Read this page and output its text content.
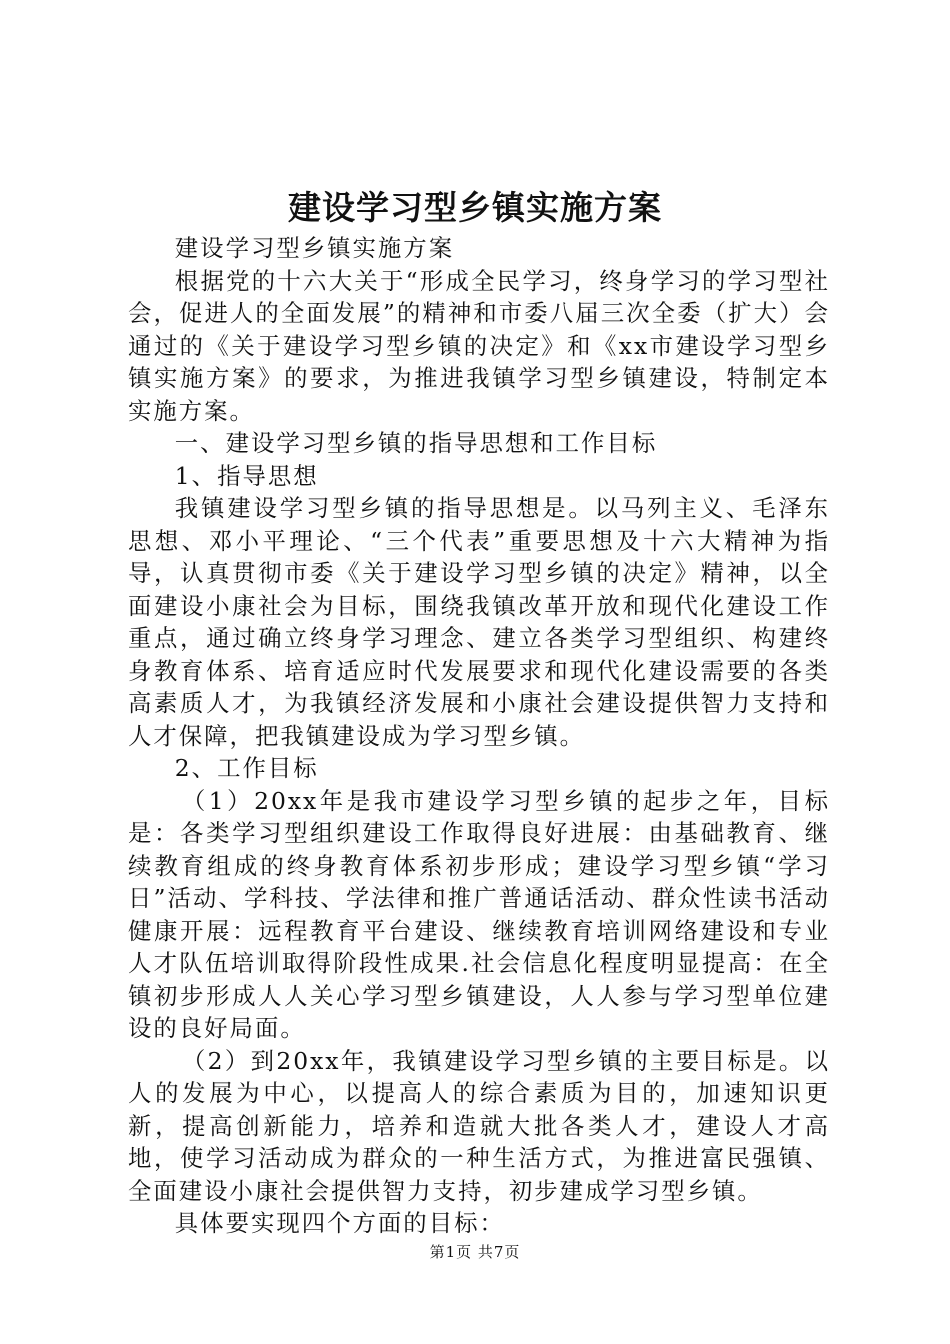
建设学习型乡镇实施方案

建设学习型乡镇实施方案

根据党的十六大关于“形成全民学习，终身学习的学习型社会，促进人的全面发展”的精神和市委八届三次全委（扩大）会通过的《关于建设学习型乡镇的决定》和《xx市建设学习型乡镇实施方案》的要求，为推进我镇学习型乡镇建设，特制定本实施方案。

一、建设学习型乡镇的指导思想和工作目标

1、指导思想

我镇建设学习型乡镇的指导思想是。以马列主义、毛泽东思想、邓小平理论、“三个代表”重要思想及十六大精神为指导，认真贯彻市委《关于建设学习型乡镇的决定》精神，以全面建设小康社会为目标，围绕我镇改革开放和现代化建设工作重点，通过确立终身学习理念、建立各类学习型组织、构建终身教育体系、培育适应时代发展要求和现代化建设需要的各类高素质人才，为我镇经济发展和小康社会建设提供智力支持和人才保障，把我镇建设成为学习型乡镇。

2、工作目标

（1）20xx年是我市建设学习型乡镇的起步之年，目标是：各类学习型组织建设工作取得良好进展：由基础教育、继续教育组成的终身教育体系初步形成；建设学习型乡镇“学习日”活动、学科技、学法律和推广普通话活动、群众性读书活动健康开展：远程教育平台建设、继续教育培训网络建设和专业人才队伍培训取得阶段性成果.社会信息化程度明显提高：在全镇初步形成人人关心学习型乡镇建设，人人参与学习型单位建设的良好局面。

（2）到20xx年，我镇建设学习型乡镇的主要目标是。以人的发展为中心，以提高人的综合素质为目的，加速知识更新，提高创新能力，培养和造就大批各类人才，建设人才高地，使学习活动成为群众的一种生活方式，为推进富民强镇、全面建设小康社会提供智力支持，初步建成学习型乡镇。

具体要实现四个方面的目标：

第1页 共7页
